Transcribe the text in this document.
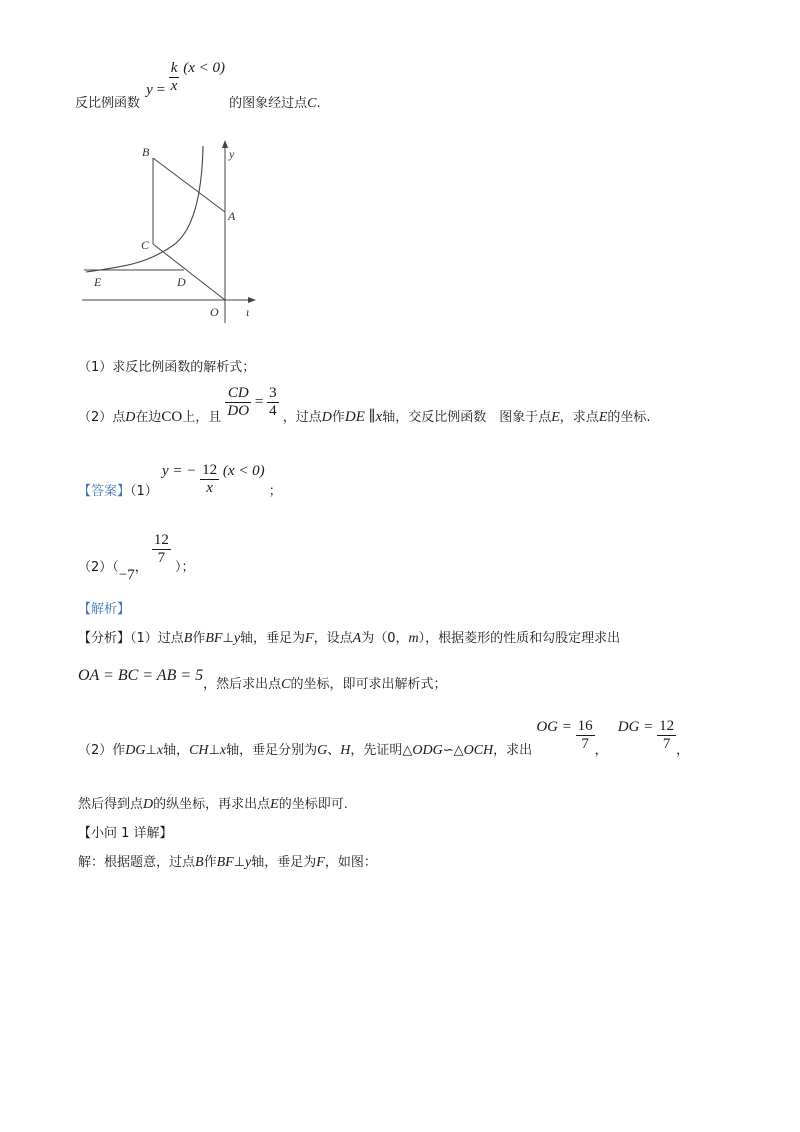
反比例函数 $y = \frac{k}{x} (x < 0)$ 的图象经过点C.
B	y
A
C
E	D
O ι
（1）求反比例函数的解析式；
（2）点D在边CO上，且 $\frac{CD}{DO} = \frac{3}{4}$ ，过点D作DE ∥x轴，交反比例函数　图象于点E，求点E的坐标.
【答案】（1） y = − $\frac{12}{x} (x < 0)$ ；
（2）（−7，
$\frac{12}{7}$
）；
【解析】
【分析】（1）过点B作BF⊥y轴，垂足为F，设点A为（0，m），根据菱形的性质和勾股定理求出
OA = BC = AB = 5，然后求出点C的坐标，即可求出解析式；
（2）作DG⊥x轴，CH⊥x轴，垂足分别为G、H，先证明△ODG∽△OCH，求出 OG = $\frac{16}{7}$ ， DG = $\frac{12}{7}$ ，
然后得到点D的纵坐标，再求出点E的坐标即可.
【小问 1 详解】
解：根据题意，过点B作BF⊥y轴，垂足为F，如图：
